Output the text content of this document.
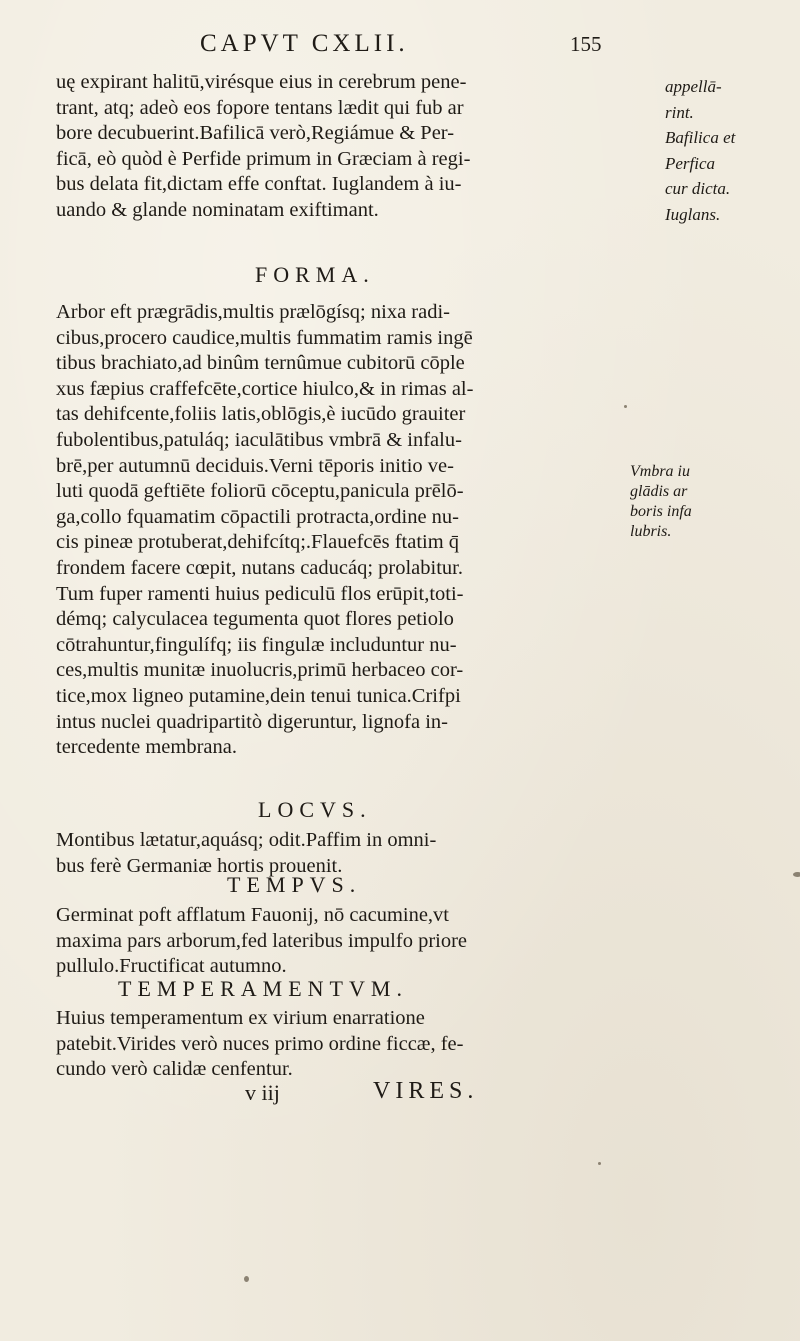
CAPVT CXLII.	155
uę expirant halitū,virésque eius in cerebrum pene-
trant, atq; adeò eos fopore tentans lædit qui fub ar
bore decubuerint.Bafilicā verò,Regiámue & Per-
ficā, eò quòd è Perfide primum in Græciam à regi-
bus delata fit,dictam effe conftat. Iuglandem à iu-
uando & glande nominatam exiftimant.
appellā-
rint.
Bafilica et
Perfica
cur dicta.
Iuglans.
FORMA.
Arbor eft prægrādis,multis prælōgísq; nixa radi-
cibus,procero caudice,multis fummatim ramis ingē
tibus brachiato,ad binûm ternûmue cubitorū cōple
xus fæpius craffefcēte,cortice hiulco,& in rimas al-
tas dehifcente,foliis latis,oblōgis,è iucūdo grauiter
fubolentibus,patuláq; iaculātibus vmbrā & infalu-
brē,per autumnū deciduis.Verni tēporis initio ve-
luti quodā geftiēte foliorū cōceptu,panicula prēlō-
ga,collo fquamatim cōpactili protracta,ordine nu-
cis pineæ protuberat,dehifcítq;.Flauefcēs ftatim q̄
frondem facere cœpit, nutans caducáq; prolabitur.
Tum fuper ramenti huius pediculū flos erūpit,toti-
démq; calyculacea tegumenta quot flores petiolo
cōtrahuntur,fingulífq; iis fingulæ includuntur nu-
ces,multis munitæ inuolucris,primū herbaceo cor-
tice,mox ligneo putamine,dein tenui tunica.Crifpi
intus nuclei quadripartitò digeruntur, lignofa in-
tercedente membrana.
Vmbra iu
glādis ar
boris infa
lubris.
LOCVS.
Montibus lætatur,aquásq; odit.Paffim in omni-
bus ferè Germaniæ hortis prouenit.
TEMPVS.
Germinat poft afflatum Fauonij, nō cacumine,vt
maxima pars arborum,fed lateribus impulfo priore
pullulo.Fructificat autumno.
TEMPERAMENTVM.
Huius temperamentum ex virium enarratione
patebit.Virides verò nuces primo ordine ficcæ, fe-
cundo verò calidæ cenfentur.
v iij	VIRES.
